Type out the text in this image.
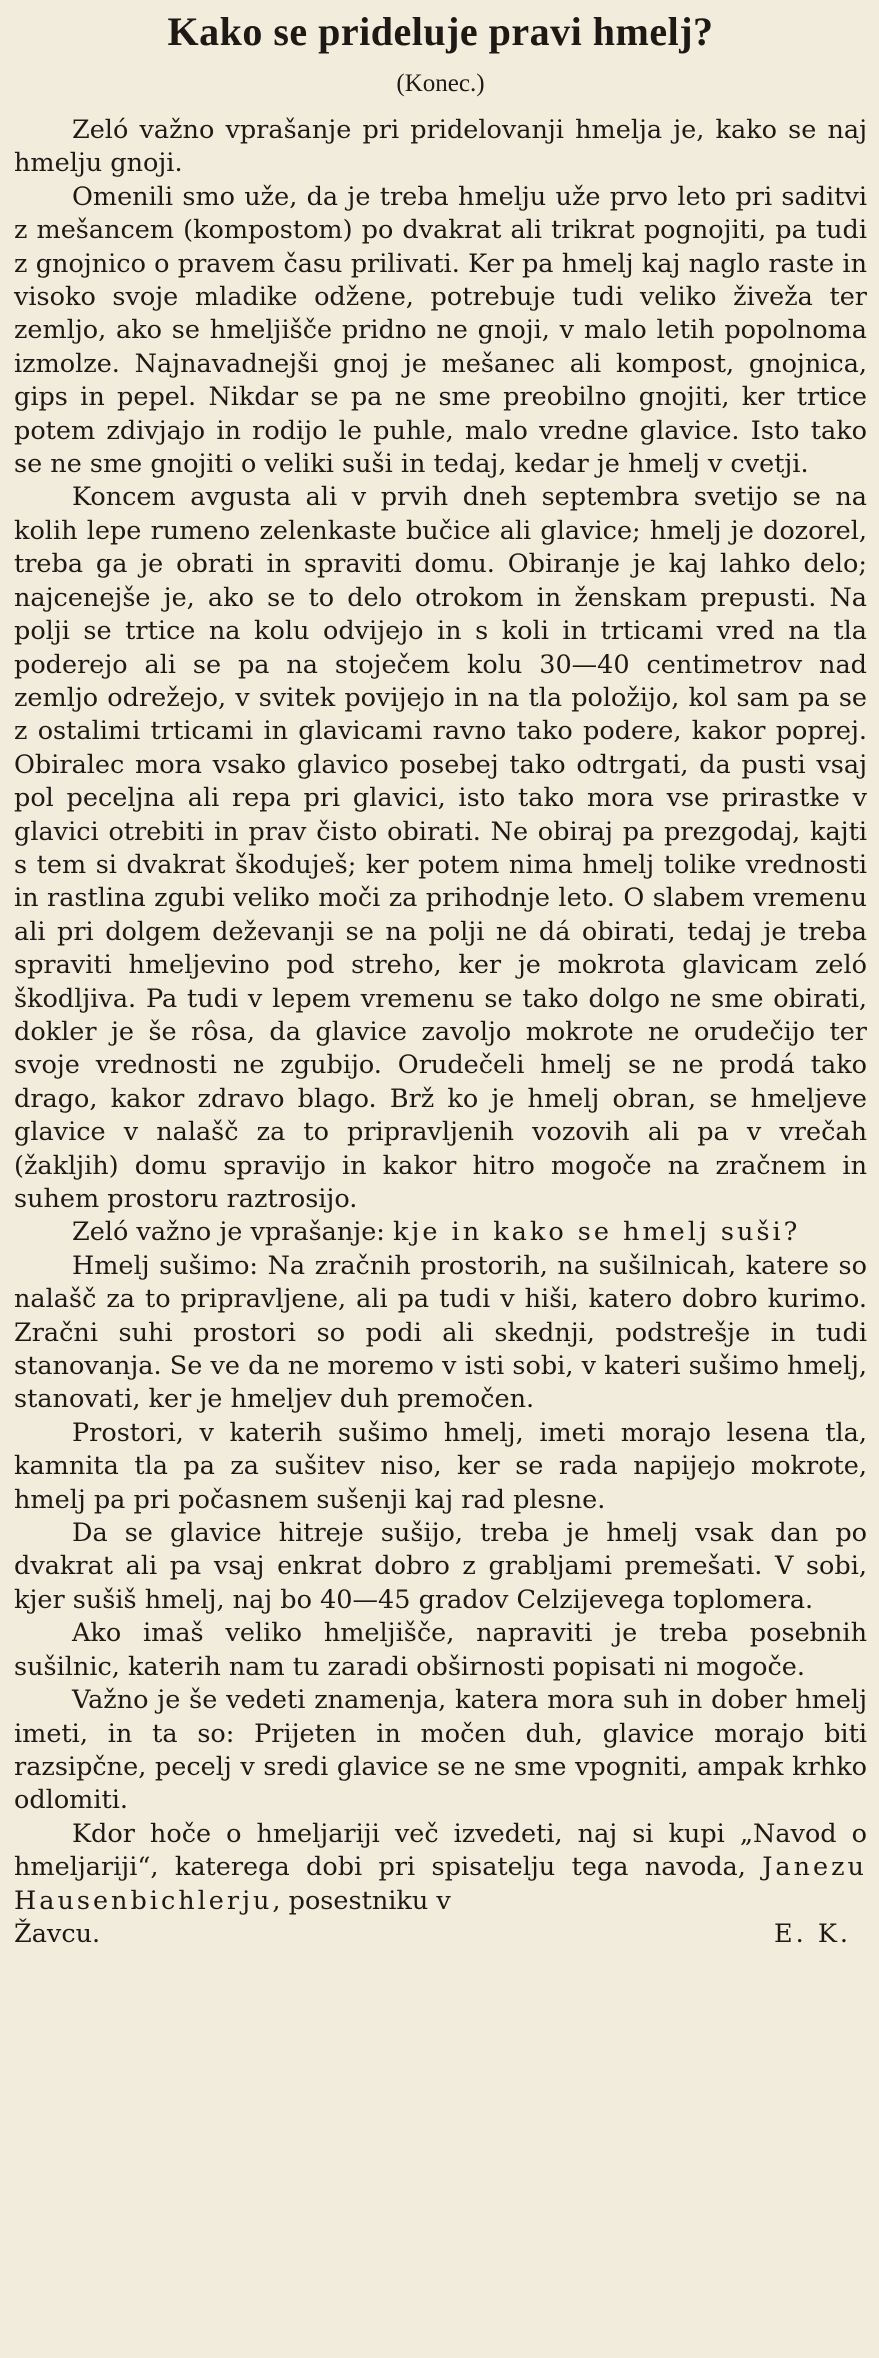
Kako se prideluje pravi hmelj?
(Konec.)

Zeló važno vprašanje pri pridelovanji hmelja je, kako se naj hmelju gnoji.

Omenili smo uže, da je treba hmelju uže prvo leto pri saditvi z mešancem (kompostom) po dvakrat ali trikrat pognojiti, pa tudi z gnojnico o pravem času prilivati. Ker pa hmelj kaj naglo raste in visoko svoje mladike odžene, potrebuje tudi veliko živeža ter zemljo, ako se hmeljišče pridno ne gnoji, v malo letih popolnoma izmolze. Najnavadnejši gnoj je mešanec ali kompost, gnojnica, gips in pepel. Nikdar se pa ne sme preobilno gnojiti, ker trtice potem zdivjajo in rodijo le puhle, malo vredne glavice. Isto tako se ne sme gnojiti o veliki suši in tedaj, kedar je hmelj v cvetji.

Koncem avgusta ali v prvih dneh septembra svetijo se na kolih lepe rumeno zelenkaste bučice ali glavice; hmelj je dozorel, treba ga je obrati in spraviti domu. Obiranje je kaj lahko delo; najcenejše je, ako se to delo otrokom in ženskam prepusti. Na polji se trtice na kolu odvijejo in s koli in trticami vred na tla poderejo ali se pa na stoječem kolu 30—40 centimetrov nad zemljo odrežejo, v svitek povijejo in na tla položijo, kol sam pa se z ostalimi trticami in glavicami ravno tako podere, kakor poprej. Obiralec mora vsako glavico posebej tako odtrgati, da pusti vsaj pol peceljna ali repa pri glavici, isto tako mora vse prirastke v glavici otrebiti in prav čisto obirati. Ne obiraj pa prezgodaj, kajti s tem si dvakrat škoduješ; ker potem nima hmelj tolike vrednosti in rastlina zgubi veliko moči za prihodnje leto. O slabem vremenu ali pri dolgem deževanji se na polji ne dá obirati, tedaj je treba spraviti hmeljevino pod streho, ker je mokrota glavicam zeló škodljiva. Pa tudi v lepem vremenu se tako dolgo ne sme obirati, dokler je še rôsa, da glavice zavoljo mokrote ne orudečijo ter svoje vrednosti ne zgubijo. Orudečeli hmelj se ne prodá tako drago, kakor zdravo blago. Brž ko je hmelj obran, se hmeljeve glavice v nalašč za to pripravljenih vozovih ali pa v vrečah (žakljih) domu spravijo in kakor hitro mogoče na zračnem in suhem prostoru raztrosijo.

Zeló važno je vprašanje: kje in kako se hmelj suši?

Hmelj sušimo: Na zračnih prostorih, na sušilnicah, katere so nalašč za to pripravljene, ali pa tudi v hiši, katero dobro kurimo. Zračni suhi prostori so podi ali skednji, podstrešje in tudi stanovanja. Se ve da ne moremo v isti sobi, v kateri sušimo hmelj, stanovati, ker je hmeljev duh premočen.

Prostori, v katerih sušimo hmelj, imeti morajo lesena tla, kamnita tla pa za sušitev niso, ker se rada napijejo mokrote, hmelj pa pri počasnem sušenji kaj rad plesne.

Da se glavice hitreje sušijo, treba je hmelj vsak dan po dvakrat ali pa vsaj enkrat dobro z grabljami premešati. V sobi, kjer sušiš hmelj, naj bo 40—45 gradov Celzijevega toplomera.

Ako imaš veliko hmeljišče, napraviti je treba posebnih sušilnic, katerih nam tu zaradi obširnosti popisati ni mogoče.

Važno je še vedeti znamenja, katera mora suh in dober hmelj imeti, in ta so: Prijeten in močen duh, glavice morajo biti razsipčne, pecelj v sredi glavice se ne sme vpogniti, ampak krhko odlomiti.

Kdor hoče o hmeljariji več izvedeti, naj si kupi „Navod o hmeljariji“, katerega dobi pri spisatelju tega navoda, Janezu Hausenbichlerju, posestniku v

Žavcu.	E. K.
